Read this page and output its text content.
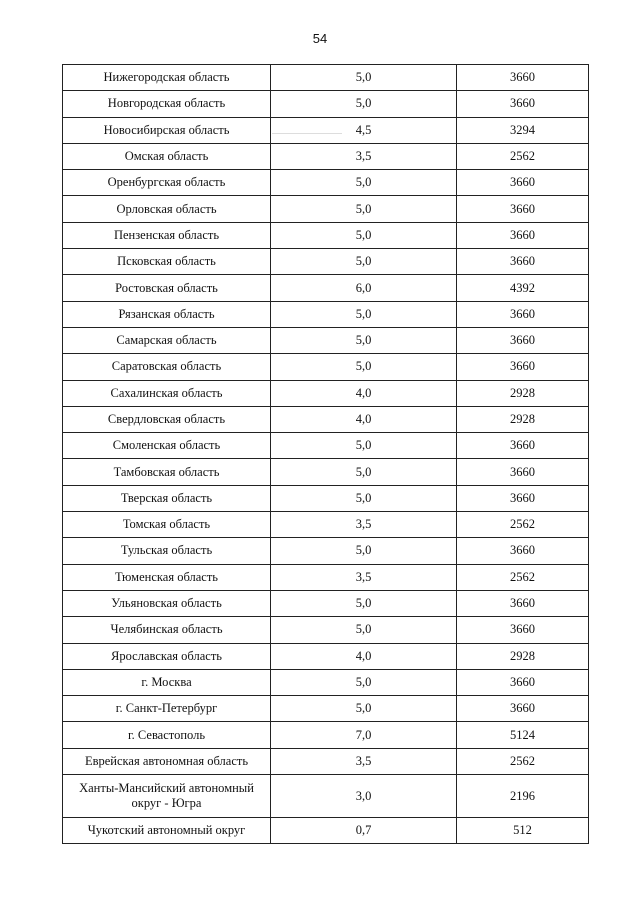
54
Нижегородская область	5,0	3660
Новгородская область	5,0	3660
Новосибирская область	4,5	3294
Омская область	3,5	2562
Оренбургская область	5,0	3660
Орловская область	5,0	3660
Пензенская область	5,0	3660
Псковская область	5,0	3660
Ростовская область	6,0	4392
Рязанская область	5,0	3660
Самарская область	5,0	3660
Саратовская область	5,0	3660
Сахалинская область	4,0	2928
Свердловская область	4,0	2928
Смоленская область	5,0	3660
Тамбовская область	5,0	3660
Тверская область	5,0	3660
Томская область	3,5	2562
Тульская область	5,0	3660
Тюменская область	3,5	2562
Ульяновская область	5,0	3660
Челябинская область	5,0	3660
Ярославская область	4,0	2928
г. Москва	5,0	3660
г. Санкт-Петербург	5,0	3660
г. Севастополь	7,0	5124
Еврейская автономная область	3,5	2562
Ханты-Мансийский автономный округ - Югра	3,0	2196
Чукотский автономный округ	0,7	512
